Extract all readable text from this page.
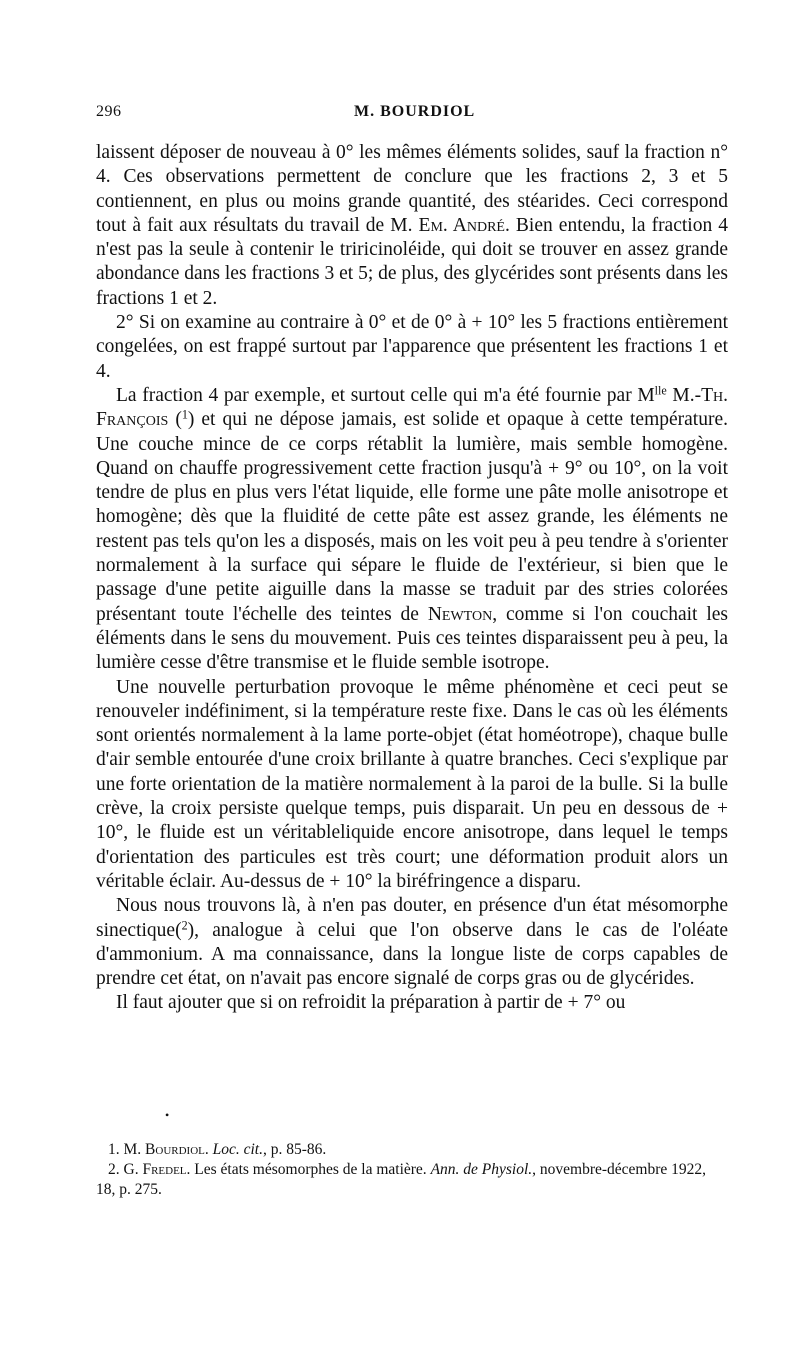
296	M. BOURDIOL

laissent déposer de nouveau à 0° les mêmes éléments solides, sauf la fraction n° 4. Ces observations permettent de conclure que les fractions 2, 3 et 5 contiennent, en plus ou moins grande quantité, des stéarides. Ceci correspond tout à fait aux résultats du travail de M. Em. André. Bien entendu, la fraction 4 n'est pas la seule à contenir le triricinoléide, qui doit se trouver en assez grande abondance dans les fractions 3 et 5; de plus, des glycérides sont présents dans les fractions 1 et 2.

2° Si on examine au contraire à 0° et de 0° à + 10° les 5 fractions entièrement congelées, on est frappé surtout par l'apparence que présentent les fractions 1 et 4.

La fraction 4 par exemple, et surtout celle qui m'a été fournie par $M^{lle}$ M.-Th. François ($^1$) et qui ne dépose jamais, est solide et opaque à cette température. Une couche mince de ce corps rétablit la lumière, mais semble homogène. Quand on chauffe progressivement cette fraction jusqu'à + 9° ou 10°, on la voit tendre de plus en plus vers l'état liquide, elle forme une pâte molle anisotrope et homogène; dès que la fluidité de cette pâte est assez grande, les éléments ne restent pas tels qu'on les a disposés, mais on les voit peu à peu tendre à s'orienter normalement à la surface qui sépare le fluide de l'extérieur, si bien que le passage d'une petite aiguille dans la masse se traduit par des stries colorées présentant toute l'échelle des teintes de Newton, comme si l'on couchait les éléments dans le sens du mouvement. Puis ces teintes disparaissent peu à peu, la lumière cesse d'être transmise et le fluide semble isotrope.

Une nouvelle perturbation provoque le même phénomène et ceci peut se renouveler indéfiniment, si la température reste fixe. Dans le cas où les éléments sont orientés normalement à la lame porte-objet (état homéotrope), chaque bulle d'air semble entourée d'une croix brillante à quatre branches. Ceci s'explique par une forte orientation de la matière normalement à la paroi de la bulle. Si la bulle crève, la croix persiste quelque temps, puis disparait. Un peu en dessous de + 10°, le fluide est un véritableliquide encore anisotrope, dans lequel le temps d'orientation des particules est très court; une déformation produit alors un véritable éclair. Au-dessus de + 10° la biréfringence a disparu.

Nous nous trouvons là, à n'en pas douter, en présence d'un état mésomorphe sinectique($^2$), analogue à celui que l'on observe dans le cas de l'oléate d'ammonium. A ma connaissance, dans la longue liste de corps capables de prendre cet état, on n'avait pas encore signalé de corps gras ou de glycérides.

Il faut ajouter que si on refroidit la préparation à partir de + 7° ou

•

1. M. Bourdiol. Loc. cit., p. 85-86.

2. G. Fredel. Les états mésomorphes de la matière. Ann. de Physiol., novembre-décembre 1922, 18, p. 275.
